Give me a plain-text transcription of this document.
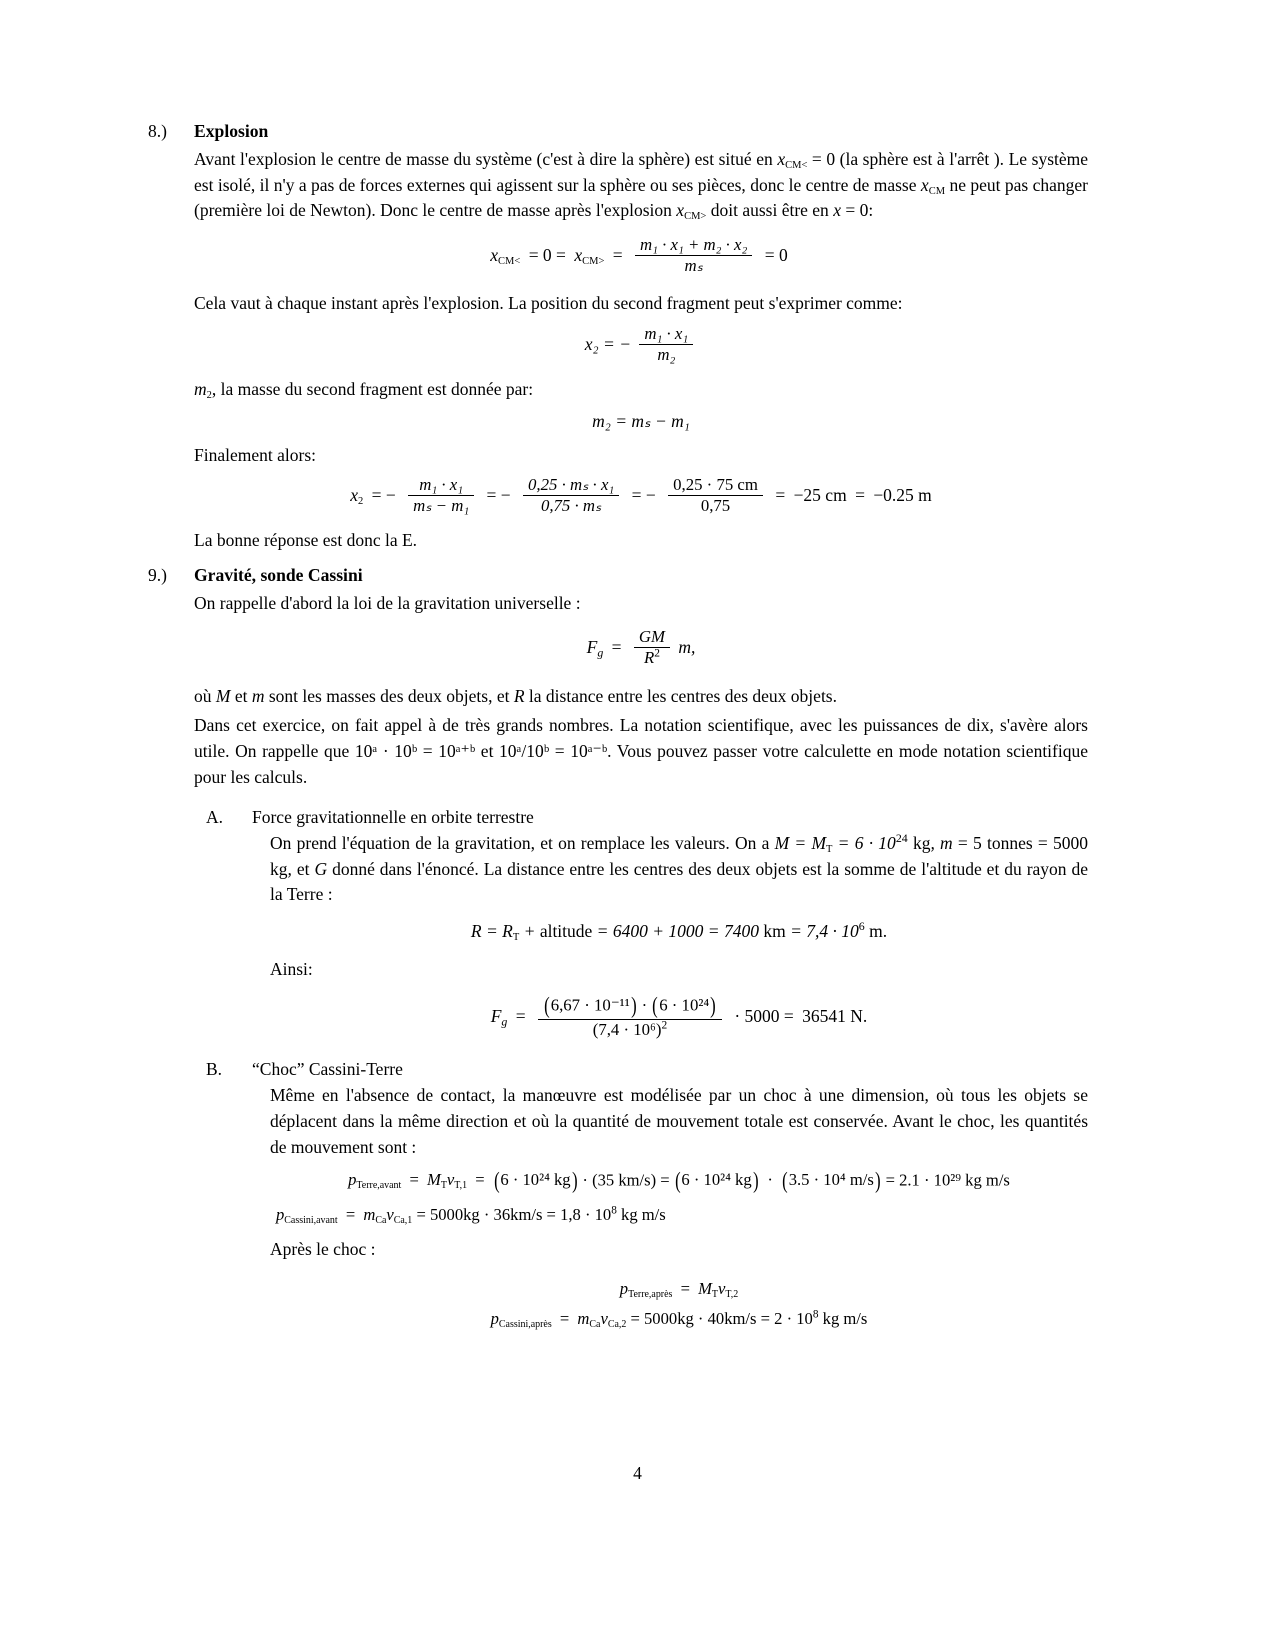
8.)	Explosion

Avant l'explosion le centre de masse du système (c'est à dire la sphère) est situé en $x_{CM<} = 0$ (la sphère est à l'arrêt ). Le système est isolé, il n'y a pas de forces externes qui agissent sur la sphère ou ses pièces, donc le centre de masse $x_{CM}$ ne peut pas changer (première loi de Newton). Donc le centre de masse après l'explosion $x_{CM>}$ doit aussi être en x = 0:

$x_{CM<} = 0 = x_{CM>} = \frac{\text{m₁ · x₁ + m₂ · x₂}}{\text{mₛ}} = 0$

Cela vaut à chaque instant après l'explosion. La position du second fragment peut s'exprimer comme:

x₂ = − $\frac{\text{m₁ · x₁}}{\text{m₂}}$

$m_2$, la masse du second fragment est donnée par:

m₂ = mₛ − m₁

Finalement alors:

$x_2$ = − $\frac{\text{m₁ · x₁}}{\text{mₛ − m₁}}$ = − $\frac{\text{0,25 · mₛ · x₁}}{\text{0,75 · mₛ}}$ = − $\frac{0,25 \cdot 75 cm}{0,75} = -25$ cm = −0.25 m

La bonne réponse est donc la E.

9.)	Gravité, sonde Cassini

On rappelle d'abord la loi de la gravitation universelle :

$F_g = \frac{GM}{R^2} m$,

où M et m sont les masses des deux objets, et R la distance entre les centres des deux objets.

Dans cet exercice, on fait appel à de très grands nombres. La notation scientifique, avec les puissances de dix, s'avère alors utile. On rappelle que 10ᵃ · 10ᵇ = 10ᵃ⁺ᵇ et 10ᵃ/10ᵇ = 10ᵃ⁻ᵇ. Vous pouvez passer votre calculette en mode notation scientifique pour les calculs.

A. Force gravitationnelle en orbite terrestre

On prend l'équation de la gravitation, et on remplace les valeurs. On a $M = M_T = 6 \cdot 10^{24}$ kg, m = 5 tonnes = 5000 kg, et G donné dans l'énoncé. La distance entre les centres des deux objets est la somme de l'altitude et du rayon de la Terre :

$R = R_T$ + altitude = 6400 + 1000 = 7400 km = $7,4 \cdot 10^6$ m.

Ainsi:

$F_g = (6,67 \cdot 10^{-11}) \cdot (6 \cdot 10^{24})$
$(7,4 \cdot 10^6)^2$	· 5000 = 36541 N.
B. “Choc” Cassini-Terre

Même en l'absence de contact, la manœuvre est modélisée par un choc à une dimension, où tous les objets se déplacent dans la même direction et où la quantité de mouvement totale est conservée. Avant le choc, les quantités de mouvement sont :

$p_{Terre,avant} = M_Tv_{T,1} = (6 \cdot 10^{24}$ kg) · (35 km/s) = (6 · 10²⁴ kg) · (3.5 · 10⁴ m/s) = 2.1 · 10²⁹ kg m/s
$p_{Cassini,avant} = m_{Ca}v_{Ca,1} = 5000kg \cdot 36km/s = 1,8 \cdot 10^8$ kg m/s

Après le choc :

$p_{Terre,après} = M_Tv_{T,2}$
$p_{Cassini,après} = m_{Ca}v_{Ca,2} = 5000kg \cdot 40km/s = 2 \cdot 10^8$ kg m/s
4
